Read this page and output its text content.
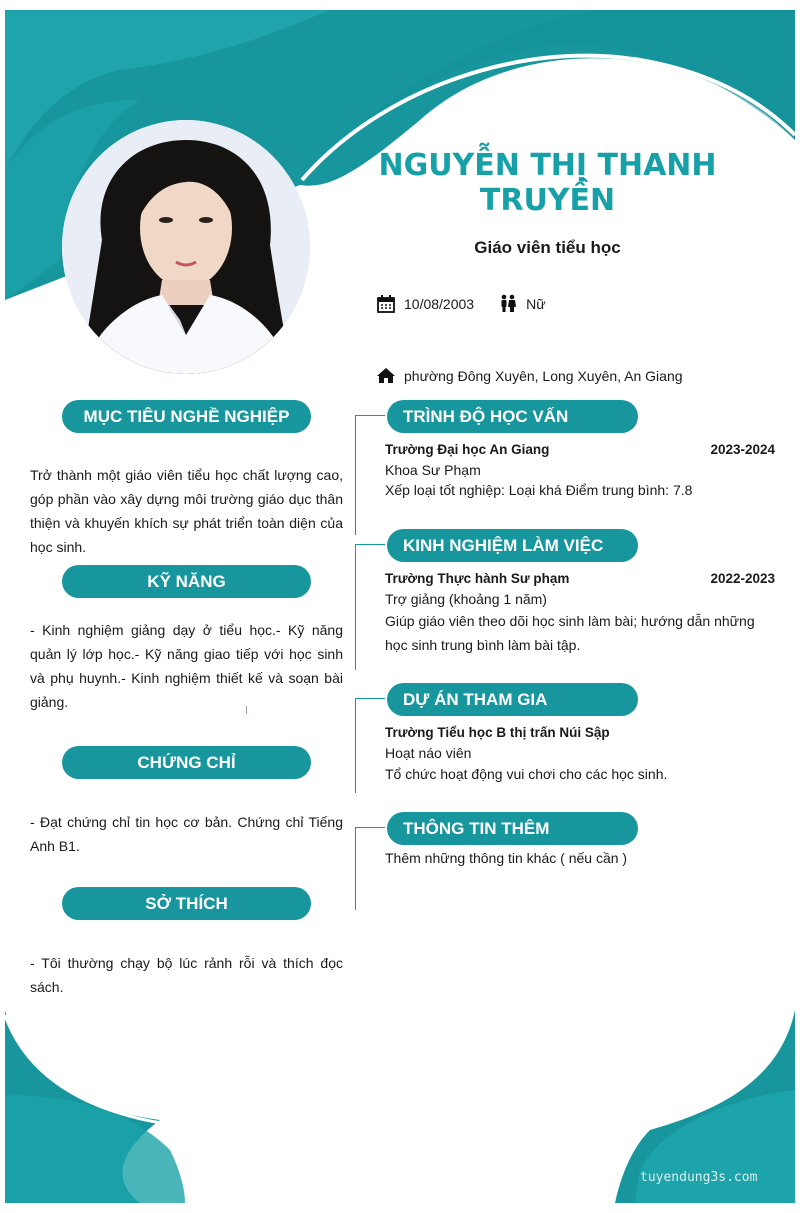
NGUYỄN THỊ THANH TRUYỀN
Giáo viên tiểu học
10/08/2003	Nữ
phường Đông Xuyên, Long Xuyên, An Giang
MỤC TIÊU NGHỀ NGHIỆP
Trở thành một giáo viên tiểu học chất lượng cao, góp phần vào xây dựng môi trường giáo dục thân thiện và khuyến khích sự phát triển toàn diện của học sinh.
KỸ NĂNG
- Kinh nghiệm giảng dạy ở tiểu học.- Kỹ năng quản lý lớp học.- Kỹ năng giao tiếp với học sinh và phụ huynh.- Kinh nghiệm thiết kế và soạn bài giảng.
CHỨNG CHỈ
- Đạt chứng chỉ tin học cơ bản. Chứng chỉ Tiếng Anh B1.
SỞ THÍCH
- Tôi thường chạy bộ lúc rảnh rỗi và thích đọc sách.
TRÌNH ĐỘ HỌC VẤN
Trường Đại học An Giang	2023-2024
Khoa Sư Phạm
Xếp loại tốt nghiệp: Loại khá Điểm trung bình: 7.8
KINH NGHIỆM LÀM VIỆC
Trường Thực hành Sư phạm	2022-2023
Trợ giảng (khoảng 1 năm)
Giúp giáo viên theo dõi học sinh làm bài; hướng dẫn những học sinh trung bình làm bài tập.
DỰ ÁN THAM GIA
Trường Tiểu học B thị trấn Núi Sập
Hoạt náo viên
Tổ chức hoạt động vui chơi cho các học sinh.
THÔNG TIN THÊM
Thêm những thông tin khác ( nếu cần )
tuyendung3s.com
